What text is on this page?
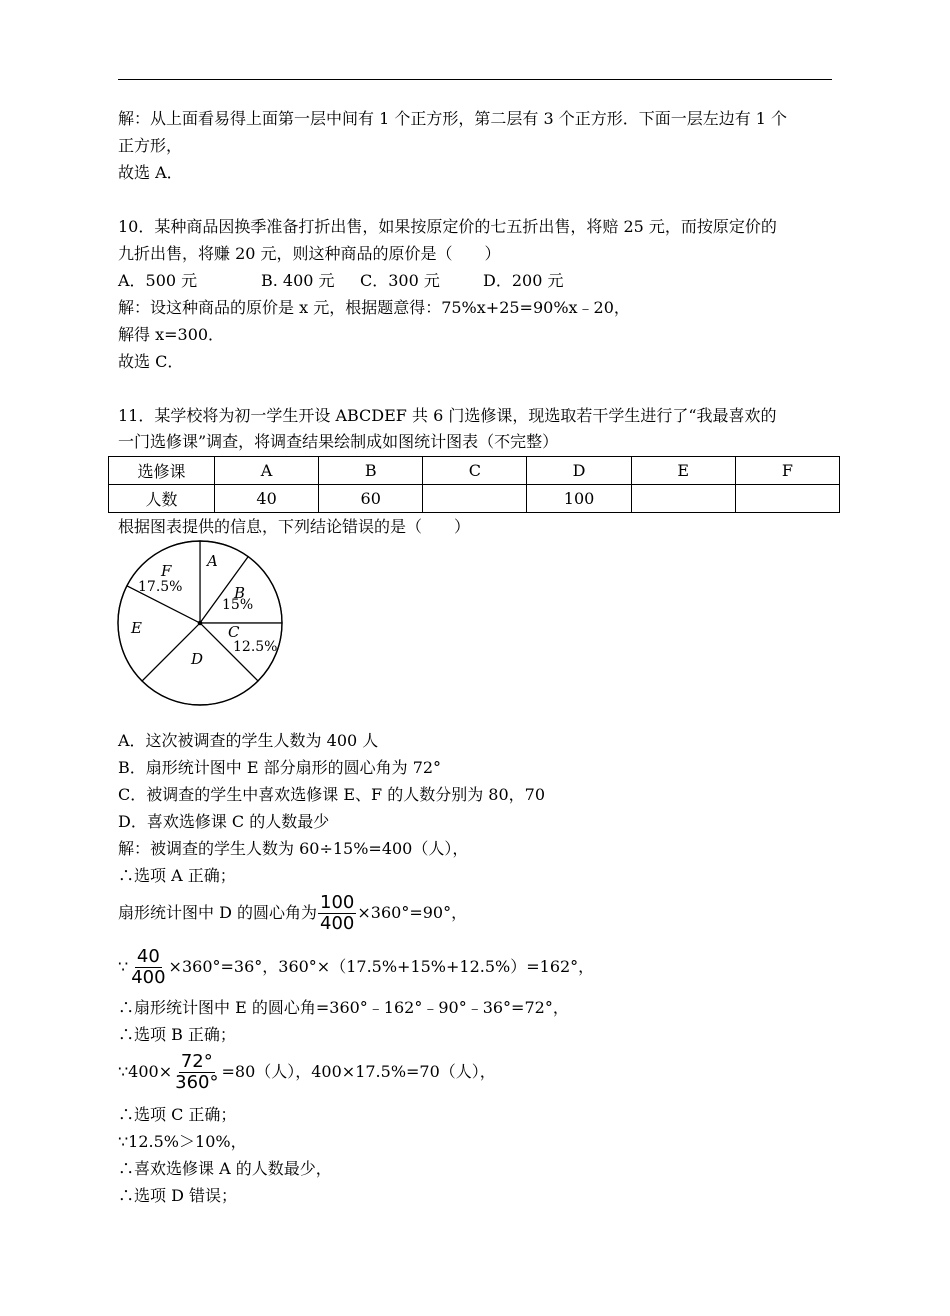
解：从上面看易得上面第一层中间有 1 个正方形，第二层有 3 个正方形．下面一层左边有 1 个
正方形，
故选 A．
10．某种商品因换季准备打折出售，如果按原定价的七五折出售，将赔 25 元，而按原定价的
九折出售，将赚 20 元，则这种商品的原价是（　　）
A．500 元	B. 400 元 C．300 元	D．200 元
解：设这种商品的原价是 x 元，根据题意得：75%x+25=90%x﹣20，
解得 x=300．
故选 C．
11．某学校将为初一学生开设 ABCDEF 共 6 门选修课，现选取若干学生进行了“我最喜欢的
一门选修课”调查，将调查结果绘制成如图统计图表（不完整）
选修课	A	B	C	D	E	F
人数	40	60		100		
根据图表提供的信息，下列结论错误的是（　　）
A
B
C
D
E
F
17.5%
15%
12.5%
A．这次被调查的学生人数为 400 人
B．扇形统计图中 E 部分扇形的圆心角为 72°
C．被调查的学生中喜欢选修课 E、F 的人数分别为 80，70
D．喜欢选修课 C 的人数最少
解：被调查的学生人数为 60÷15%=400（人），
∴选项 A 正确；
扇形统计图中 D 的圆心角为 $\frac{100}{400} \times 360^\circ=90^\circ$，
∵ $\frac{40}{400} \times 360^\circ=36^\circ$，360°×（17.5%+15%+12.5%）=162°，
∴扇形统计图中 E 的圆心角=360°﹣162°﹣90°﹣36°=72°，
∴选项 B 正确；
∵400× $\frac{72^\circ}{360^\circ} =80$（人），400×17.5%=70（人），
∴选项 C 正确；
∵12.5%＞10%，
∴喜欢选修课 A 的人数最少，
∴选项 D 错误；
